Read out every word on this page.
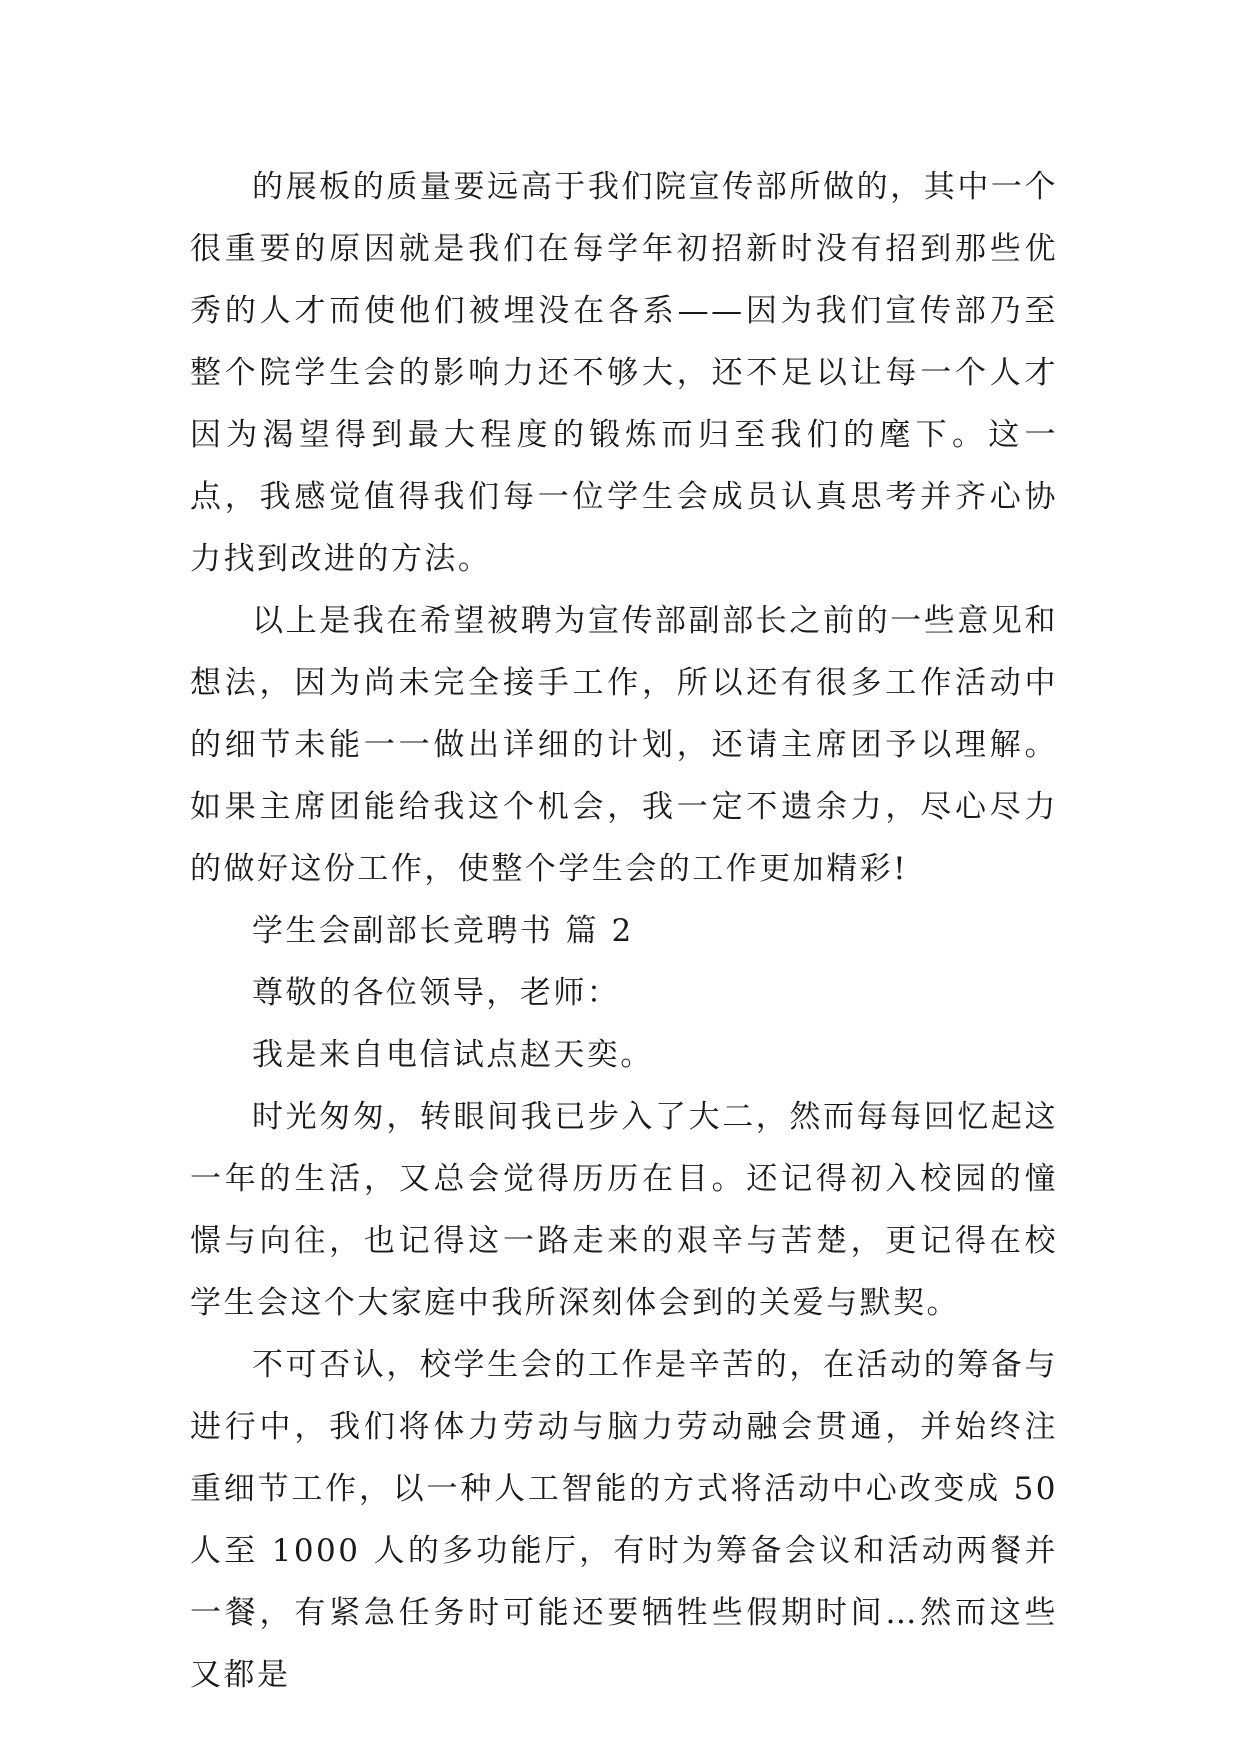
的展板的质量要远高于我们院宣传部所做的，其中一个很重要的原因就是我们在每学年初招新时没有招到那些优秀的人才而使他们被埋没在各系——因为我们宣传部乃至整个院学生会的影响力还不够大，还不足以让每一个人才因为渴望得到最大程度的锻炼而归至我们的麾下。这一点，我感觉值得我们每一位学生会成员认真思考并齐心协力找到改进的方法。

以上是我在希望被聘为宣传部副部长之前的一些意见和想法，因为尚未完全接手工作，所以还有很多工作活动中的细节未能一一做出详细的计划，还请主席团予以理解。如果主席团能给我这个机会，我一定不遗余力，尽心尽力的做好这份工作，使整个学生会的工作更加精彩!

学生会副部长竞聘书 篇 2

尊敬的各位领导，老师：

我是来自电信试点赵天奕。

时光匆匆，转眼间我已步入了大二，然而每每回忆起这一年的生活，又总会觉得历历在目。还记得初入校园的憧憬与向往，也记得这一路走来的艰辛与苦楚，更记得在校学生会这个大家庭中我所深刻体会到的关爱与默契。

不可否认，校学生会的工作是辛苦的，在活动的筹备与进行中，我们将体力劳动与脑力劳动融会贯通，并始终注重细节工作，以一种人工智能的方式将活动中心改变成 50 人至 1000 人的多功能厅，有时为筹备会议和活动两餐并一餐，有紧急任务时可能还要牺牲些假期时间…然而这些又都是
